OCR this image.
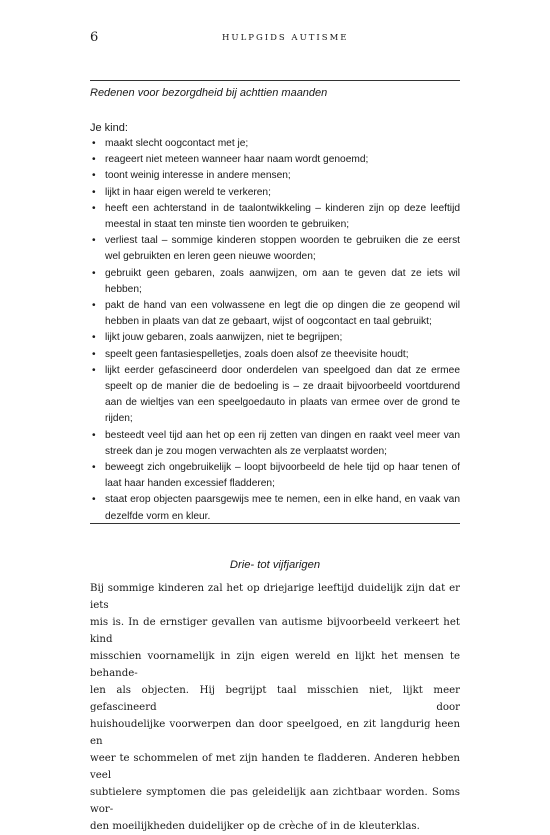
6	HULPGIDS AUTISME
Redenen voor bezorgdheid bij achttien maanden
Je kind:
• maakt slecht oogcontact met je;
• reageert niet meteen wanneer haar naam wordt genoemd;
• toont weinig interesse in andere mensen;
• lijkt in haar eigen wereld te verkeren;
• heeft een achterstand in de taalontwikkeling – kinderen zijn op deze leeftijd meestal in staat ten minste tien woorden te gebruiken;
• verliest taal – sommige kinderen stoppen woorden te gebruiken die ze eerst wel gebruikten en leren geen nieuwe woorden;
• gebruikt geen gebaren, zoals aanwijzen, om aan te geven dat ze iets wil hebben;
• pakt de hand van een volwassene en legt die op dingen die ze geopend wil hebben in plaats van dat ze gebaart, wijst of oogcontact en taal gebruikt;
• lijkt jouw gebaren, zoals aanwijzen, niet te begrijpen;
• speelt geen fantasiespelletjes, zoals doen alsof ze theevisite houdt;
• lijkt eerder gefascineerd door onderdelen van speelgoed dan dat ze ermee speelt op de manier die de bedoeling is – ze draait bijvoorbeeld voortdurend aan de wieltjes van een speelgoedauto in plaats van ermee over de grond te rijden;
• besteedt veel tijd aan het op een rij zetten van dingen en raakt veel meer van streek dan je zou mogen verwachten als ze verplaatst worden;
• beweegt zich ongebruikelijk – loopt bijvoorbeeld de hele tijd op haar tenen of laat haar handen excessief fladderen;
• staat erop objecten paarsgewijs mee te nemen, een in elke hand, en vaak van dezelfde vorm en kleur.
Drie- tot vijfjarigen
Bij sommige kinderen zal het op driejarige leeftijd duidelijk zijn dat er iets
mis is. In de ernstiger gevallen van autisme bijvoorbeeld verkeert het kind
misschien voornamelijk in zijn eigen wereld en lijkt het mensen te behande-
len als objecten. Hij begrijpt taal misschien niet, lijkt meer gefascineerd door
huishoudelijke voorwerpen dan door speelgoed, en zit langdurig heen en
weer te schommelen of met zijn handen te fladderen. Anderen hebben veel
subtielere symptomen die pas geleidelijk aan zichtbaar worden. Soms wor-
den moeilijkheden duidelijker op de crèche of in de kleuterklas.
